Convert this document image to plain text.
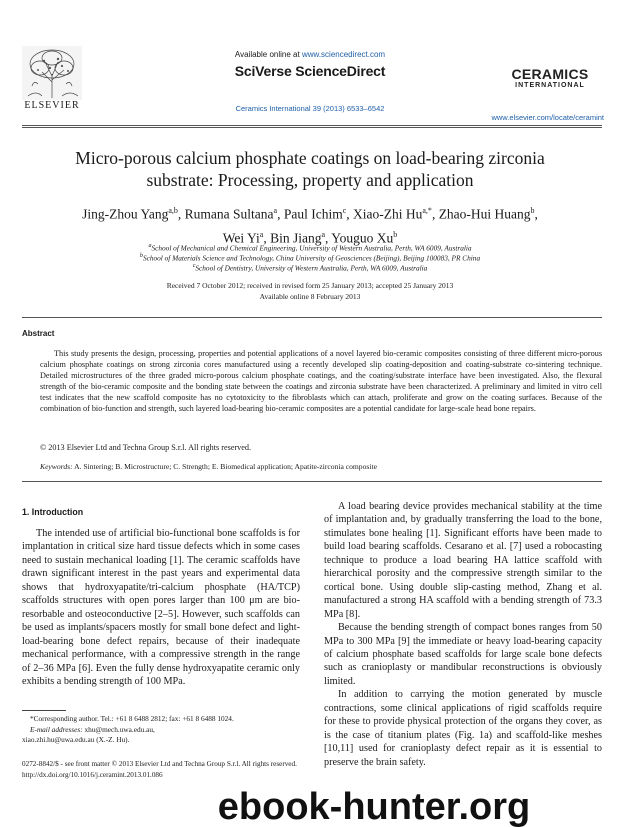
ELSEVIER
Available online at www.sciencedirect.com
SciVerse ScienceDirect
Ceramics International 39 (2013) 6533–6542
CERAMICS
INTERNATIONAL
www.elsevier.com/locate/ceramint
Micro-porous calcium phosphate coatings on load-bearing zirconia
substrate: Processing, property and application
Jing-Zhou Yang$^{a,b}$, Rumana Sultana$^a$, Paul Ichim$^c$, Xiao-Zhi $Hu^{a,*}$, Zhao-Hui Huang$^b$,
Wei Yi$^a$, Bin Jiang$^a$, Youguo Xu$^b$
$^a$School of Mechanical and Chemical Engineering, University of Western Australia, Perth, WA 6009, Australia
$^b$School of Materials Science and Technology, China University of Geosciences (Beijing), Beijing 100083, PR China
$^c$School of Dentistry, University of Western Australia, Perth, WA 6009, Australia
Received 7 October 2012; received in revised form 25 January 2013; accepted 25 January 2013
Available online 8 February 2013
Abstract
This study presents the design, processing, properties and potential applications of a novel layered bio-ceramic composites consisting of three different micro-porous calcium phosphate coatings on strong zirconia cores manufactured using a recently developed slip coating-deposition and coating-substrate co-sintering technique. Detailed microstructures of the three graded micro-porous calcium phosphate coatings, and the coating/substrate interface have been investigated. Also, the flexural strength of the bio-ceramic composite and the bonding state between the coatings and zirconia substrate have been characterized. A preliminary and limited in vitro cell test indicates that the new scaffold composite has no cytotoxicity to the fibroblasts which can attach, proliferate and grow on the coating surfaces. Because of the combination of bio-function and strength, such layered load-bearing bio-ceramic composites are a potential candidate for large-scale head bone repairs.
© 2013 Elsevier Ltd and Techna Group S.r.l. All rights reserved.
Keywords: A. Sintering; B. Microstructure; C. Strength; E. Biomedical application; Apatite-zirconia composite
1. Introduction

The intended use of artificial bio-functional bone scaffolds is for implantation in critical size hard tissue defects which in some cases need to sustain mechanical loading [1]. The ceramic scaffolds have drawn significant interest in the past years and experimental data shows that hydroxyapatite/tri-calcium phosphate (HA/TCP) scaffolds structures with open pores larger than 100 μm are bio-resorbable and osteoconductive [2–5]. However, such scaffolds can be used as implants/spacers mostly for small bone defect and light-load-bearing bone defect repairs, because of their inadequate mechanical performance, with a compressive strength in the range of 2–36 MPa [6]. Even the fully dense hydroxyapatite ceramic only exhibits a bending strength of 100 MPa.

A load bearing device provides mechanical stability at the time of implantation and, by gradually transferring the load to the bone, stimulates bone healing [1]. Significant efforts have been made to build load bearing scaffolds. Cesarano et al. [7] used a robocasting technique to produce a load bearing HA lattice scaffold with hierarchical porosity and the compressive strength similar to the cortical bone. Using double slip-casting method, Zhang et al. manufactured a strong HA scaffold with a bending strength of 73.3 MPa [8].

Because the bending strength of compact bones ranges from 50 MPa to 300 MPa [9] the immediate or heavy load-bearing capacity of calcium phosphate based scaffolds for large scale bone defects such as cranioplasty or mandibular reconstructions is obviously limited.

In addition to carrying the motion generated by muscle contractions, some clinical applications of rigid scaffolds require for these to provide physical protection of the organs they cover, as is the case of titanium plates (Fig. 1a) and scaffold-like meshes [10,11] used for cranioplasty defect repair as it is essential to preserve the brain safety.

*Corresponding author. Tel.: +61 8 6488 2812; fax: +61 8 6488 1024.
E-mail addresses: xhu@mech.uwa.edu.au,
xiao.zhi.hu@uwa.edu.au (X.-Z. Hu).
0272-8842/$ - see front matter © 2013 Elsevier Ltd and Techna Group S.r.l. All rights reserved.
http://dx.doi.org/10.1016/j.ceramint.2013.01.086
ebook-hunter.org
